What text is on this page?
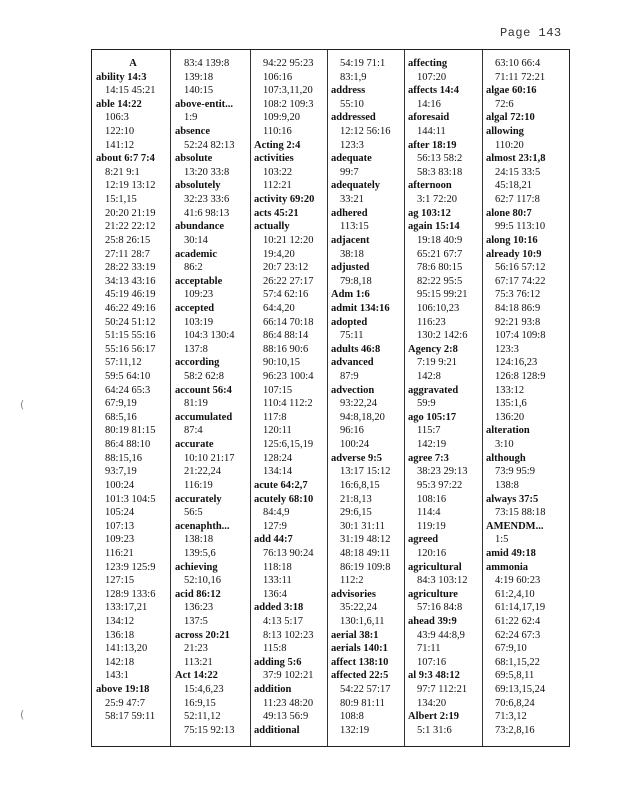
Page 143
(
(
A
ability 14:3
14:15 45:21
able 14:22
106:3
122:10
141:12
about 6:7 7:4
8:21 9:1
12:19 13:12
15:1,15
20:20 21:19
21:22 22:12
25:8 26:15
27:11 28:7
28:22 33:19
34:13 43:16
45:19 46:19
46:22 49:16
50:24 51:12
51:15 55:16
55:16 56:17
57:11,12
59:5 64:10
64:24 65:3
67:9,19
68:5,16
80:19 81:15
86:4 88:10
88:15,16
93:7,19
100:24
101:3 104:5
105:24
107:13
109:23
116:21
123:9 125:9
127:15
128:9 133:6
133:17,21
134:12
136:18
141:13,20
142:18
143:1
above 19:18
25:9 47:7
58:17 59:11
83:4 139:8
139:18
140:15
above-entit...
1:9
absence
52:24 82:13
absolute
13:20 33:8
absolutely
32:23 33:6
41:6 98:13
abundance
30:14
academic
86:2
acceptable
109:23
accepted
103:19
104:3 130:4
137:8
according
58:2 62:8
account 56:4
81:19
accumulated
87:4
accurate
10:10 21:17
21:22,24
116:19
accurately
56:5
acenaphth...
138:18
139:5,6
achieving
52:10,16
acid 86:12
136:23
137:5
across 20:21
21:23
113:21
Act 14:22
15:4,6,23
16:9,15
52:11,12
75:15 92:13
94:22 95:23
106:16
107:3,11,20
108:2 109:3
109:9,20
110:16
Acting 2:4
activities
103:22
112:21
activity 69:20
acts 45:21
actually
10:21 12:20
19:4,20
20:7 23:12
26:22 27:17
57:4 62:16
64:4,20
66:14 70:18
86:4 88:14
88:16 90:6
90:10,15
96:23 100:4
107:15
110:4 112:2
117:8
120:11
125:6,15,19
128:24
134:14
acute 64:2,7
acutely 68:10
84:4,9
127:9
add 44:7
76:13 90:24
118:18
133:11
136:4
added 3:18
4:13 5:17
8:13 102:23
115:8
adding 5:6
37:9 102:21
addition
11:23 48:20
49:13 56:9
additional
54:19 71:1
83:1,9
address
55:10
addressed
12:12 56:16
123:3
adequate
99:7
adequately
33:21
adhered
113:15
adjacent
38:18
adjusted
79:8,18
Adm 1:6
admit 134:16
adopted
75:11
adults 46:8
advanced
87:9
advection
93:22,24
94:8,18,20
96:16
100:24
adverse 9:5
13:17 15:12
16:6,8,15
21:8,13
29:6,15
30:1 31:11
31:19 48:12
48:18 49:11
86:19 109:8
112:2
advisories
35:22,24
130:1,6,11
aerial 38:1
aerials 140:1
affect 138:10
affected 22:5
54:22 57:17
80:9 81:11
108:8
132:19
affecting
107:20
affects 14:4
14:16
aforesaid
144:11
after 18:19
56:13 58:2
58:3 83:18
afternoon
3:1 72:20
ag 103:12
again 15:14
19:18 40:9
65:21 67:7
78:6 80:15
82:22 95:5
95:15 99:21
106:10,23
116:23
130:2 142:6
Agency 2:8
7:19 9:21
142:8
aggravated
59:9
ago 105:17
115:7
142:19
agree 7:3
38:23 29:13
95:3 97:22
108:16
114:4
119:19
agreed
120:16
agricultural
84:3 103:12
agriculture
57:16 84:8
ahead 39:9
43:9 44:8,9
71:11
107:16
al 9:3 48:12
97:7 112:21
134:20
Albert 2:19
5:1 31:6
63:10 66:4
71:11 72:21
algae 60:16
72:6
algal 72:10
allowing
110:20
almost 23:1,8
24:15 33:5
45:18,21
62:7 117:8
alone 80:7
99:5 113:10
along 10:16
already 10:9
56:16 57:12
67:17 74:22
75:3 76:12
84:18 86:9
92:21 93:8
107:4 109:8
123:3
124:16,23
126:8 128:9
133:12
135:1,6
136:20
alteration
3:10
although
73:9 95:9
138:8
always 37:5
73:15 88:18
AMENDM...
1:5
amid 49:18
ammonia
4:19 60:23
61:2,4,10
61:14,17,19
61:22 62:4
62:24 67:3
67:9,10
68:1,15,22
69:5,8,11
69:13,15,24
70:6,8,24
71:3,12
73:2,8,16
